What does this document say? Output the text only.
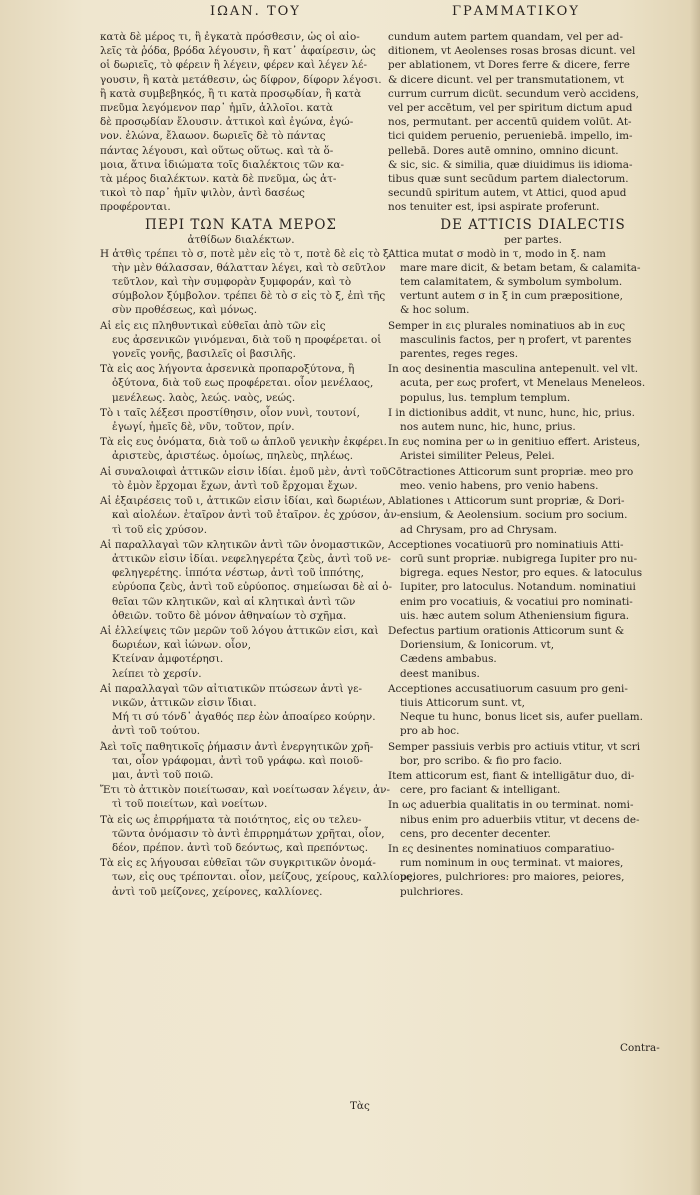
ΙΩΑΝ. ΤΟΥ	ΓΡΑΜΜΑΤΙΚΟΥ
κατὰ δὲ μέρος τι, ἢ ἐγκατὰ πρόσθεσιν, ὡς οἱ αἰο-
λεῖς τὰ ῥόδα, βρόδα λέγουσιν, ἢ κατ᾽ ἀφαίρεσιν, ὡς
οἱ δωριεῖς, τὸ φέρειν ἢ λέγειν, φέρεν καὶ λέγεν λέ-
γουσιν, ἢ κατὰ μετάθεσιν, ὡς δίφρον, δίφορν λέγοσι.
ἢ κατὰ συμβεβηκός, ἢ τι κατὰ προσῳδίαν, ἢ κατὰ
πνεῦμα λεγόμενον παρ᾽ ἡμῖν, ἀλλοῖοι. κατὰ
δὲ προσῳδίαν ἔλουσιν. ἀττικοὶ καὶ ἐγώνα, ἐγώ-
νον. ἐλώνα, ἔλαωον. δωριεῖς δὲ τὸ πάντας
πάντας λέγουσι, καὶ οὕτως οὕτως. καὶ τὰ ὅ-
μοια, ἅτινα ἰδιώματα τοῖς διαλέκτοις τῶν κα-
τὰ μέρος διαλέκτων. κατὰ δὲ πνεῦμα, ὡς ἀτ-
τικοὶ τὸ παρ᾽ ἡμῖν ψιλὸν, ἀντὶ δασέως
προφέρονται.
ΠΕΡΙ ΤΩΝ ΚΑΤΑ ΜΕΡΟΣ
ἀτθίδων διαλέκτων.
Η ἀτθὶς τρέπει τὸ σ, ποτὲ μὲν εἰς τὸ τ, ποτὲ δὲ εἰς τὸ ξ.
τὴν μὲν θάλασσαν, θάλατταν λέγει, καὶ τὸ σεῦτλον
τεῦτλον, καὶ τὴν συμφορὰν ξυμφοράν, καὶ τὸ
σύμβολον ξύμβολον. τρέπει δὲ τὸ σ εἰς τὸ ξ, ἐπὶ τῆς
σὺν προθέσεως, καὶ μόνως.
Αἱ εἰς εις πληθυντικαὶ εὐθεῖαι ἀπὸ τῶν εἰς
ευς ἀρσενικῶν γινόμεναι, διὰ τοῦ η προφέρεται. οἱ
γονεῖς γονῆς, βασιλεῖς οἱ βασιλῆς.
Τὰ εἰς αος λήγοντα ἀρσενικὰ προπαροξύτονα, ἢ
ὀξύτονα, διὰ τοῦ εως προφέρεται. οἷον μενέλαος,
μενέλεως. λαὸς, λεώς. ναὸς, νεώς.
Τὸ ι ταῖς λέξεσι προστίθησιν, οἷον νυνὶ, τουτονί,
ἐγωγί, ἡμεῖς δὲ, νῦν, τοῦτον, πρίν.
Τὰ εἰς ευς ὀνόματα, διὰ τοῦ ω ἁπλοῦ γενικὴν ἐκφέρει.
ἀριστεὺς, ἀριστέως. ὁμοίως, πηλεὺς, πηλέως.
Αἱ συναλοιφαὶ ἀττικῶν εἰσιν ἰδίαι. ἐμοῦ μὲν, ἀντὶ τοῦ
τὸ ἐμὸν ἔρχομαι ἔχων, ἀντὶ τοῦ ἔρχομαι ἔχων.
Αἱ ἐξαιρέσεις τοῦ ι, ἀττικῶν εἰσιν ἰδίαι, καὶ δωριέων,
καὶ αἰολέων. ἑταῖρον ἀντὶ τοῦ ἑταῖρον. ἐς χρύσον, ἀν-
τὶ τοῦ εἰς χρύσον.
Αἱ παραλλαγαὶ τῶν κλητικῶν ἀντὶ τῶν ὀνομαστικῶν,
ἀττικῶν εἰσιν ἰδίαι. νεφεληγερέτα ζεὺς, ἀντὶ τοῦ νε-
φεληγερέτης. ἱππότα νέστωρ, ἀντὶ τοῦ ἱππότης,
εὐρύοπα ζεὺς, ἀντὶ τοῦ εὐρύοπος. σημείωσαι δὲ αἱ ὀ-
θεῖαι τῶν κλητικῶν, καὶ αἱ κλητικαὶ ἀντὶ τῶν
ὀθειῶν. τοῦτο δὲ μόνον ἀθηναίων τὸ σχῆμα.
Αἱ ἐλλείψεις τῶν μερῶν τοῦ λόγου ἀττικῶν εἰσι, καὶ
δωριέων, καὶ ἰώνων. οἷον,
Κτείναν ἀμφοτέρησι.
λείπει τὸ χερσίν.
Αἱ παραλλαγαὶ τῶν αἰτιατικῶν πτώσεων ἀντὶ γε-
νικῶν, ἀττικῶν εἰσιν ἴδιαι.
Μή τι σύ τόνδ᾽ ἀγαθός περ ἐὼν ἀποαίρεο κούρην.
ἀντὶ τοῦ τούτου.
Ἀεὶ τοῖς παθητικοῖς ῥήμασιν ἀντὶ ἐνεργητικῶν χρῆ-
ται, οἷον γράφομαι, ἀντὶ τοῦ γράφω. καὶ ποιοῦ-
μαι, ἀντὶ τοῦ ποιῶ.
Ἔτι τὸ ἀττικὸν ποιείτωσαν, καὶ νοείτωσαν λέγειν, ἀν-
τὶ τοῦ ποιείτων, καὶ νοείτων.
Τὰ εἰς ως ἐπιρρήματα τὰ ποιότητος, εἰς ου τελευ-
τῶντα ὀνόμασιν τὸ ἀντὶ ἐπιρρημάτων χρῆται, οἷον,
δέον, πρέπον. ἀντὶ τοῦ δεόντως, καὶ πρεπόντως.
Τὰ εἰς ες λήγουσαι εὐθεῖαι τῶν συγκριτικῶν ὀνομά-
των, εἰς ους τρέπονται. οἷον, μείζους, χείρους, καλλίους,
ἀντὶ τοῦ μείζονες, χείρονες, καλλίονες.
cundum autem partem quandam, vel per ad-
ditionem, vt Aeolenses rosas brosas dicunt. vel
per ablationem, vt Dores ferre & dicere, ferre
& dicere dicunt. vel per transmutationem, vt
currum currum dicüt. secundum verò accidens,
vel per accētum, vel per spiritum dictum apud
nos, permutant. per accentū quidem volūt. At-
tici quidem peruenio, perueniebā. impello, im-
pellebā. Dores autē omnino, omnino dicunt.
& sic, sic. & similia, quæ diuidimus iis idioma-
tibus quæ sunt secūdum partem dialectorum.
secundū spiritum autem, vt Attici, quod apud
nos tenuiter est, ipsi aspirate proferunt.
DE ATTICIS DIALECTIS
per partes.
Attica mutat σ modò in τ, modo in ξ. nam
mare mare dicit, & betam betam, & calamita-
tem calamitatem, & symbolum symbolum.
vertunt autem σ in ξ in cum præpositione,
& hoc solum.
Semper in εις plurales nominatiuos ab in ευς
masculinis factos, per η profert, vt parentes
parentes, reges reges.
In αος desinentia masculina antepenult. vel vlt.
acuta, per εως profert, vt Menelaus Meneleos.
populus, lus. templum templum.
I in dictionibus addit, vt nunc, hunc, hic, prius.
nos autem nunc, hic, hunc, prius.
In ευς nomina per ω in genitiuo effert. Aristeus,
Aristei similiter Peleus, Pelei.
Cōtractiones Atticorum sunt propriæ. meo pro
meo. venio habens, pro venio habens.
Ablationes ι Atticorum sunt propriæ, & Dori-
ensium, & Aeolensium. socium pro socium.
ad Chrysam, pro ad Chrysam.
Acceptiones vocatiuorū pro nominatiuis Atti-
corū sunt propriæ. nubigrega Iupiter pro nu-
bigrega. eques Nestor, pro eques. & latoculus
Iupiter, pro latoculus. Notandum. nominatiui
enim pro vocatiuis, & vocatiui pro nominati-
uis. hæc autem solum Atheniensium figura.
Defectus partium orationis Atticorum sunt &
Doriensium, & Ionicorum. vt,
Cædens ambabus.
deest manibus.
Acceptiones accusatiuorum casuum pro geni-
tiuis Atticorum sunt. vt,
Neque tu hunc, bonus licet sis, aufer puellam.
pro ab hoc.
Semper passiuis verbis pro actiuis vtitur, vt scri
bor, pro scribo. & fio pro facio.
Item atticorum est, fiant & intelligātur duo, di-
cere, pro faciant & intelligant.
In ως aduerbia qualitatis in ου terminat. nomi-
nibus enim pro aduerbiis vtitur, vt decens de-
cens, pro decenter decenter.
In ες desinentes nominatiuos comparatiuo-
rum nominum in ους terminat. vt maiores,
peiores, pulchriores: pro maiores, peiores,
pulchriores.
Τὰς
Contra-
